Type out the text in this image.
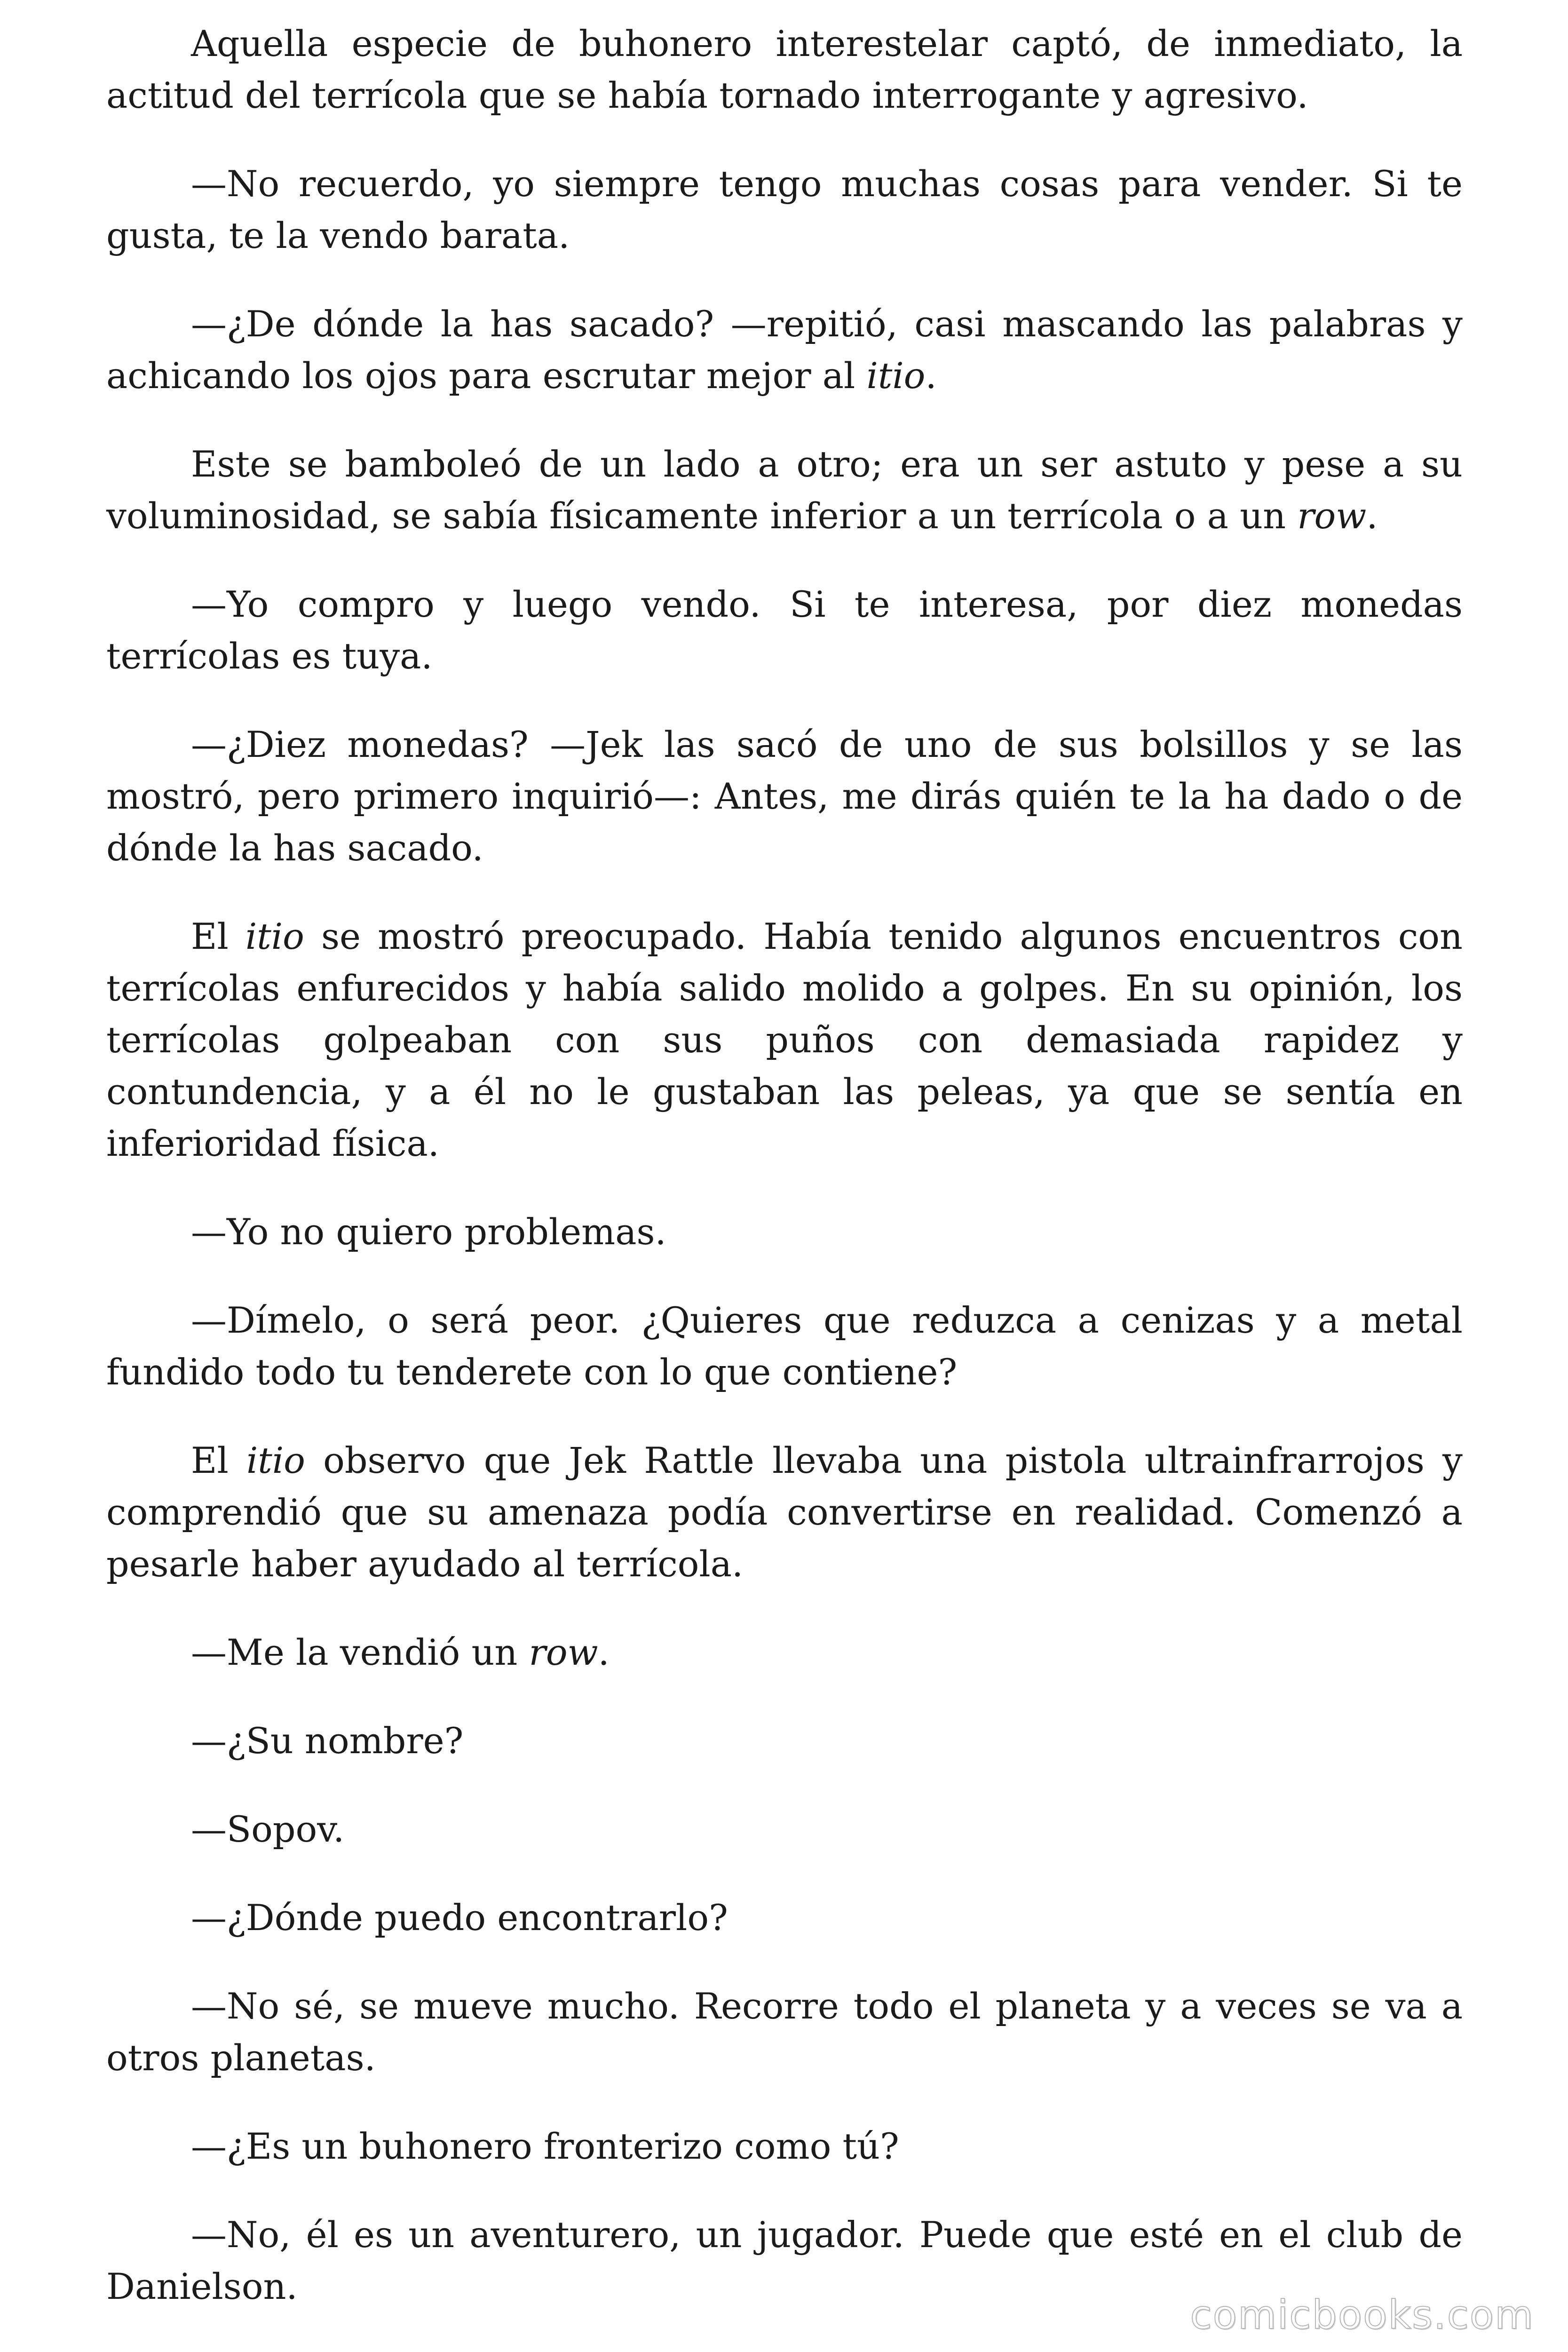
Aquella especie de buhonero interestelar captó, de inmediato, la actitud del terrícola que se había tornado interrogante y agresivo.

—No recuerdo, yo siempre tengo muchas cosas para vender. Si te gusta, te la vendo barata.

—¿De dónde la has sacado? —repitió, casi mascando las palabras y achicando los ojos para escrutar mejor al itio.

Este se bamboleó de un lado a otro; era un ser astuto y pese a su voluminosidad, se sabía físicamente inferior a un terrícola o a un row.

—Yo compro y luego vendo. Si te interesa, por diez monedas terrícolas es tuya.

—¿Diez monedas? —Jek las sacó de uno de sus bolsillos y se las mostró, pero primero inquirió—: Antes, me dirás quién te la ha dado o de dónde la has sacado.

El itio se mostró preocupado. Había tenido algunos encuentros con terrícolas enfurecidos y había salido molido a golpes. En su opinión, los terrícolas golpeaban con sus puños con demasiada rapidez y contundencia, y a él no le gustaban las peleas, ya que se sentía en inferioridad física.

—Yo no quiero problemas.

—Dímelo, o será peor. ¿Quieres que reduzca a cenizas y a metal fundido todo tu tenderete con lo que contiene?

El itio observo que Jek Rattle llevaba una pistola ultrainfrarrojos y comprendió que su amenaza podía convertirse en realidad. Comenzó a pesarle haber ayudado al terrícola.

—Me la vendió un row.

—¿Su nombre?

—Sopov.

—¿Dónde puedo encontrarlo?

—No sé, se mueve mucho. Recorre todo el planeta y a veces se va a otros planetas.

—¿Es un buhonero fronterizo como tú?

—No, él es un aventurero, un jugador. Puede que esté en el club de Danielson.

comicbooks.com
